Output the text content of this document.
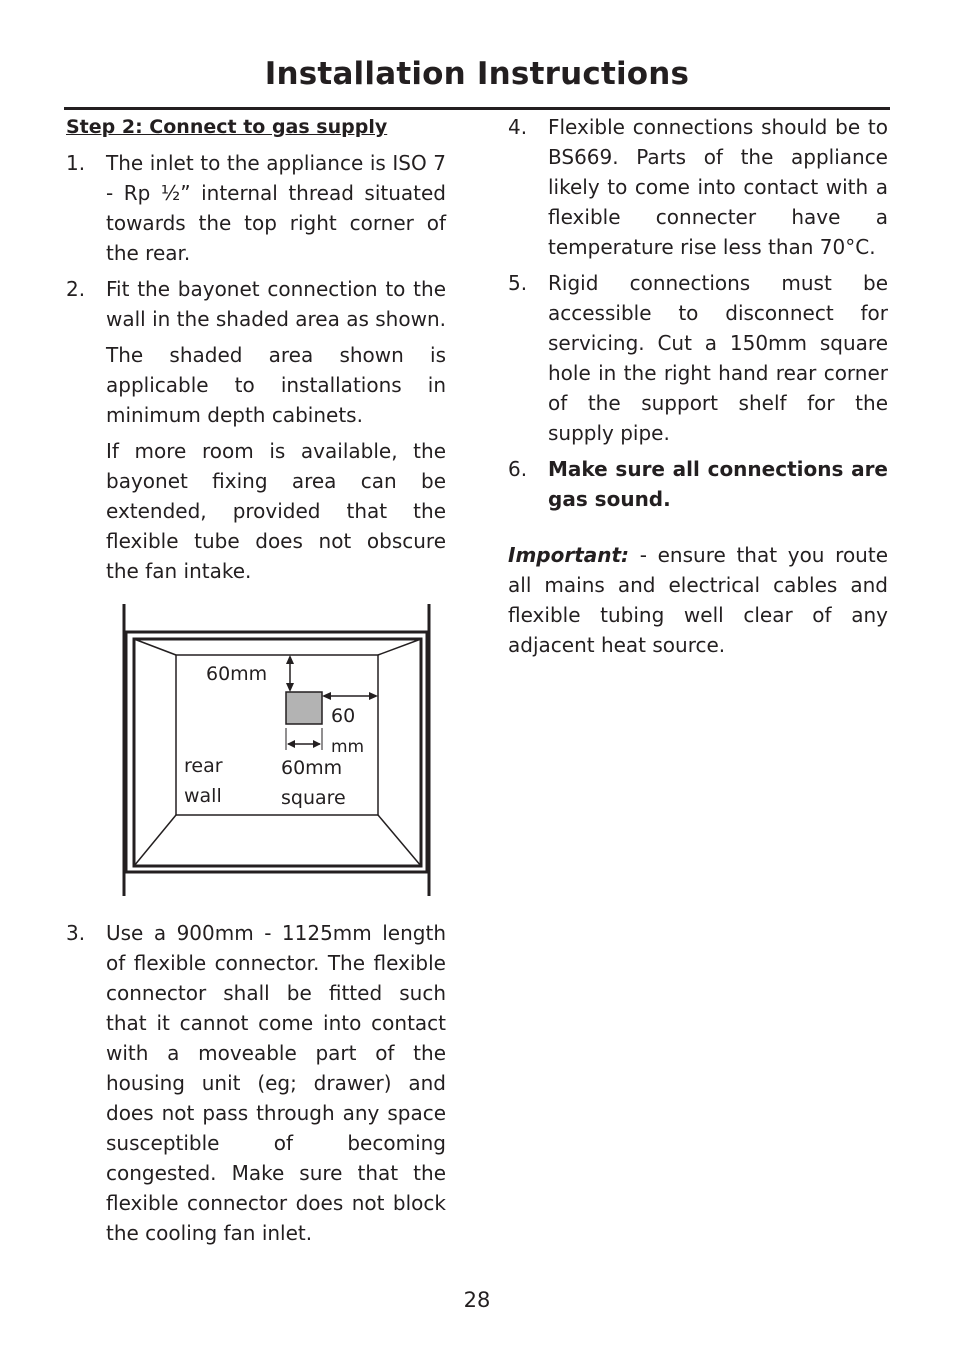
Installation Instructions
Step 2: Connect to gas supply
1.	The inlet to the appliance is ISO 7 - Rp ½” internal thread situated towards the top right corner of the rear.
2.	Fit the bayonet connection to the wall in the shaded area as shown.
The shaded area shown is applicable to installations in minimum depth cabinets.
If more room is available, the bayonet fixing area can be extended, provided that the flexible tube does not obscure the fan intake.
60mm
60
mm
rear
wall
60mm
square
3.	Use a 900mm - 1125mm length of flexible connector. The flexible connector shall be fitted such that it cannot come into contact with a moveable part of the housing unit (eg; drawer) and does not pass through any space susceptible of becoming congested. Make sure that the flexible connector does not block the cooling fan inlet.
4.	Flexible connections should be to BS669. Parts of the appliance likely to come into contact with a flexible connecter have a temperature rise less than 70°C.
5.	Rigid connections must be accessible to disconnect for servicing. Cut a 150mm square hole in the right hand rear corner of the support shelf for the supply pipe.
6.	Make sure all connections are gas sound.
Important: - ensure that you route all mains and electrical cables and flexible tubing well clear of any adjacent heat source.
28
